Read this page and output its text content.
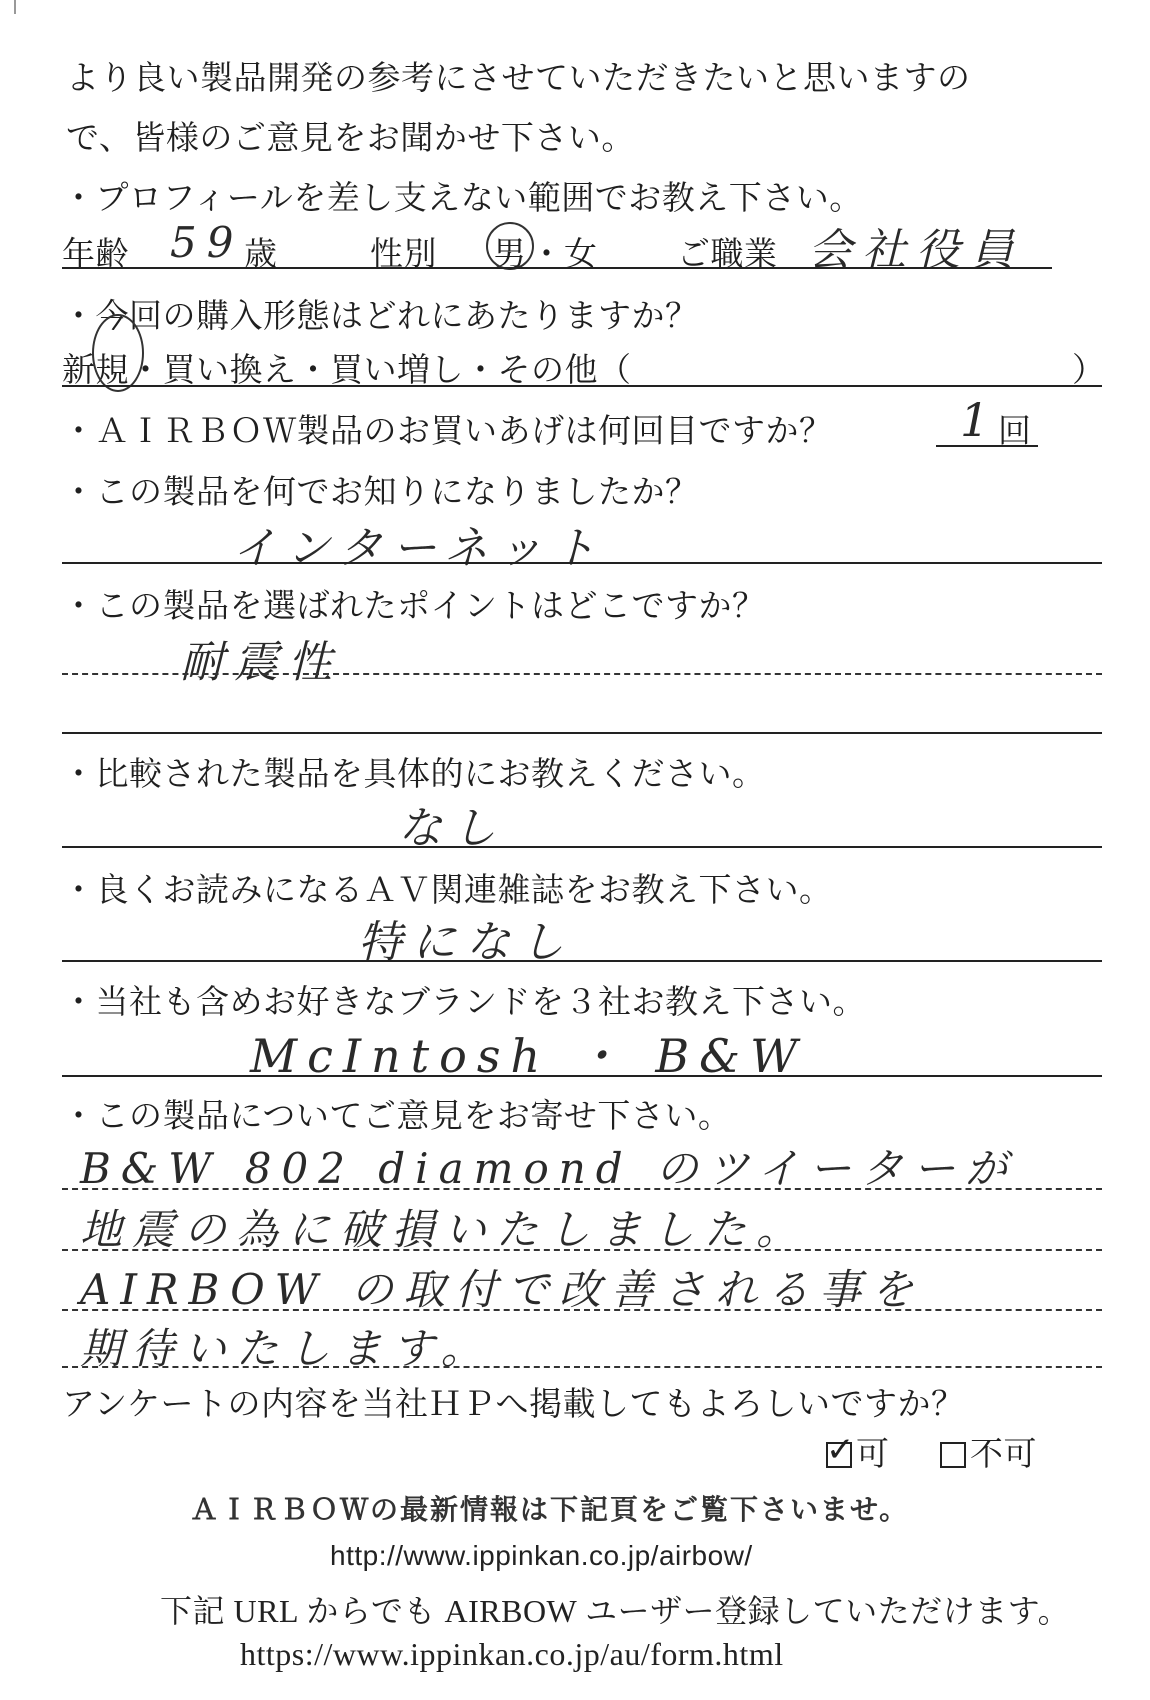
より良い製品開発の参考にさせていただきたいと思いますの
で、皆様のご意見をお聞かせ下さい。
・プロフィールを差し支えない範囲でお教え下さい。
年齢 59 歳	性別 男 ・ 女 ご職業 会社役員
・今回の購入形態はどれにあたりますか？
新規・買い換え・買い増し・その他（	）
・ＡＩＲＢＯＷ製品のお買いあげは何回目ですか？	1
回
・この製品を何でお知りになりましたか？
インターネット
・この製品を選ばれたポイントはどこですか？
耐震性
・比較された製品を具体的にお教えください。
なし
・良くお読みになるＡＶ関連雑誌をお教え下さい。
特になし
・当社も含めお好きなブランドを３社お教え下さい。
McIntosh ・ B&W
・この製品についてご意見をお寄せ下さい。
B&W 802 diamond のツイーターが
地震の為に破損いたしました。
AIRBOW の取付で改善される事を
期待いたします。
アンケートの内容を当社ＨＰへ掲載してもよろしいですか？
✓ 可	不可
ＡＩＲＢＯＷの最新情報は下記頁をご覧下さいませ。
http://www.ippinkan.co.jp/airbow/
下記 URL からでも AIRBOW ユーザー登録していただけます。
https://www.ippinkan.co.jp/au/form.html
